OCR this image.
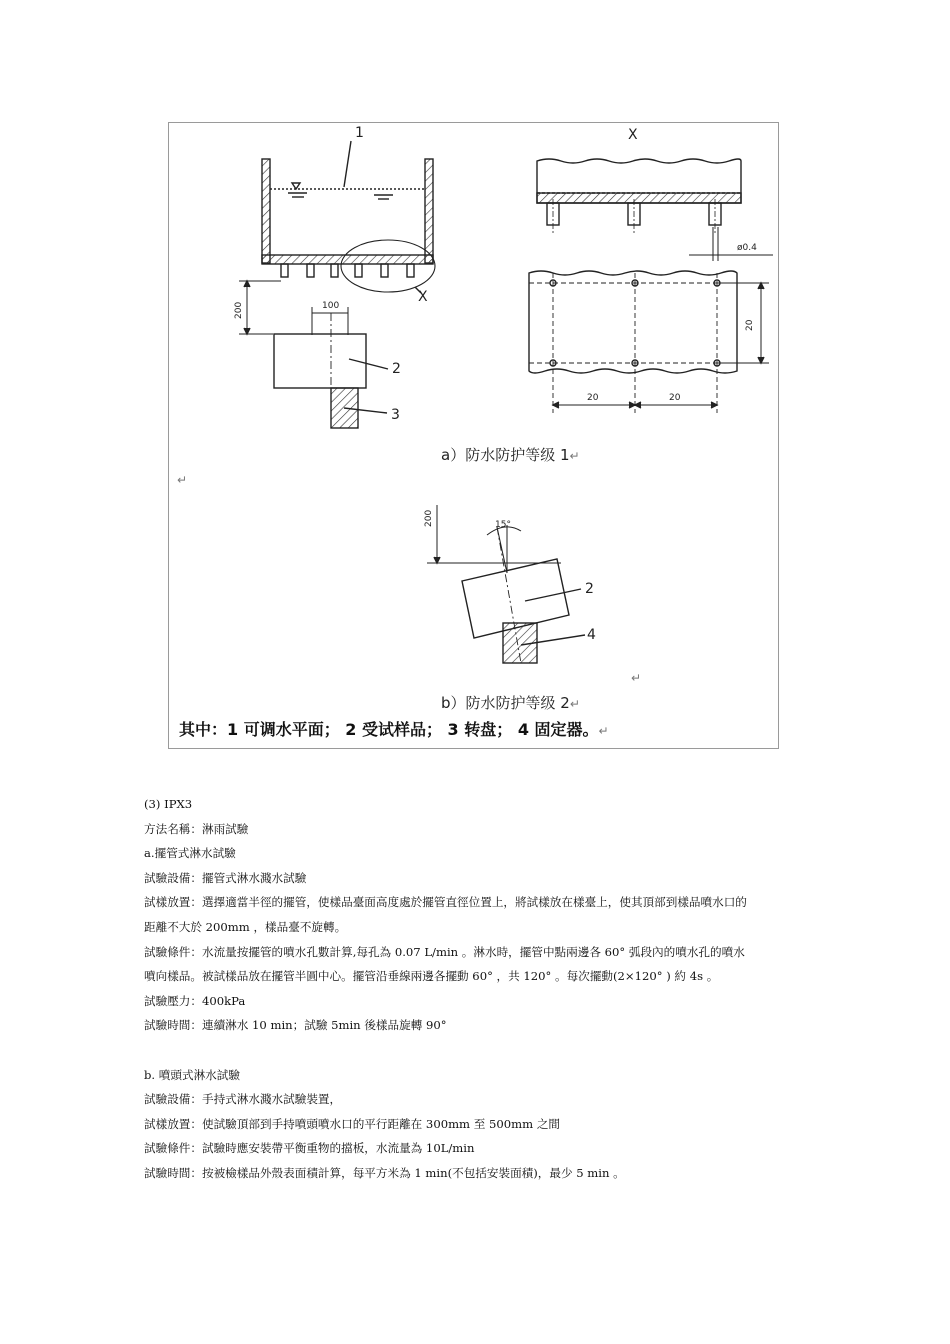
1
2
3
X
X
200	100
ø0.4
20
20	20
200	15°
2
4
a）防水防护等级 1↵
b）防水防护等级 2↵
↵
↵
其中：1 可调水平面； 2 受试样品； 3 转盘； 4 固定器。↵

(3) IPX3

方法名稱：淋雨試驗

a.擺管式淋水試驗

試驗設備：擺管式淋水濺水試驗

試樣放置：選擇適當半徑的擺管，使樣品臺面高度處於擺管直徑位置上，將試樣放在樣臺上，使其頂部到樣品噴水口的

距離不大於 200mm ，樣品臺不旋轉。

試驗條件：水流量按擺管的噴水孔數計算,每孔為 0.07 L/min 。淋水時，擺管中點兩邊各 60° 弧段內的噴水孔的噴水

噴向樣品。被試樣品放在擺管半圓中心。擺管沿垂線兩邊各擺動 60° ，共 120° 。每次擺動(2×120° ) 約 4s 。

試驗壓力：400kPa

試驗時間：連續淋水 10 min；試驗 5min 後樣品旋轉 90°

b. 噴頭式淋水試驗

試驗設備：手持式淋水濺水試驗裝置，

試樣放置：使試驗頂部到手持噴頭噴水口的平行距離在 300mm 至 500mm 之間

試驗條件：試驗時應安裝帶平衡重物的擋板，水流量為 10L/min

試驗時間：按被檢樣品外殼表面積計算，每平方米為 1 min(不包括安裝面積)，最少 5 min 。
